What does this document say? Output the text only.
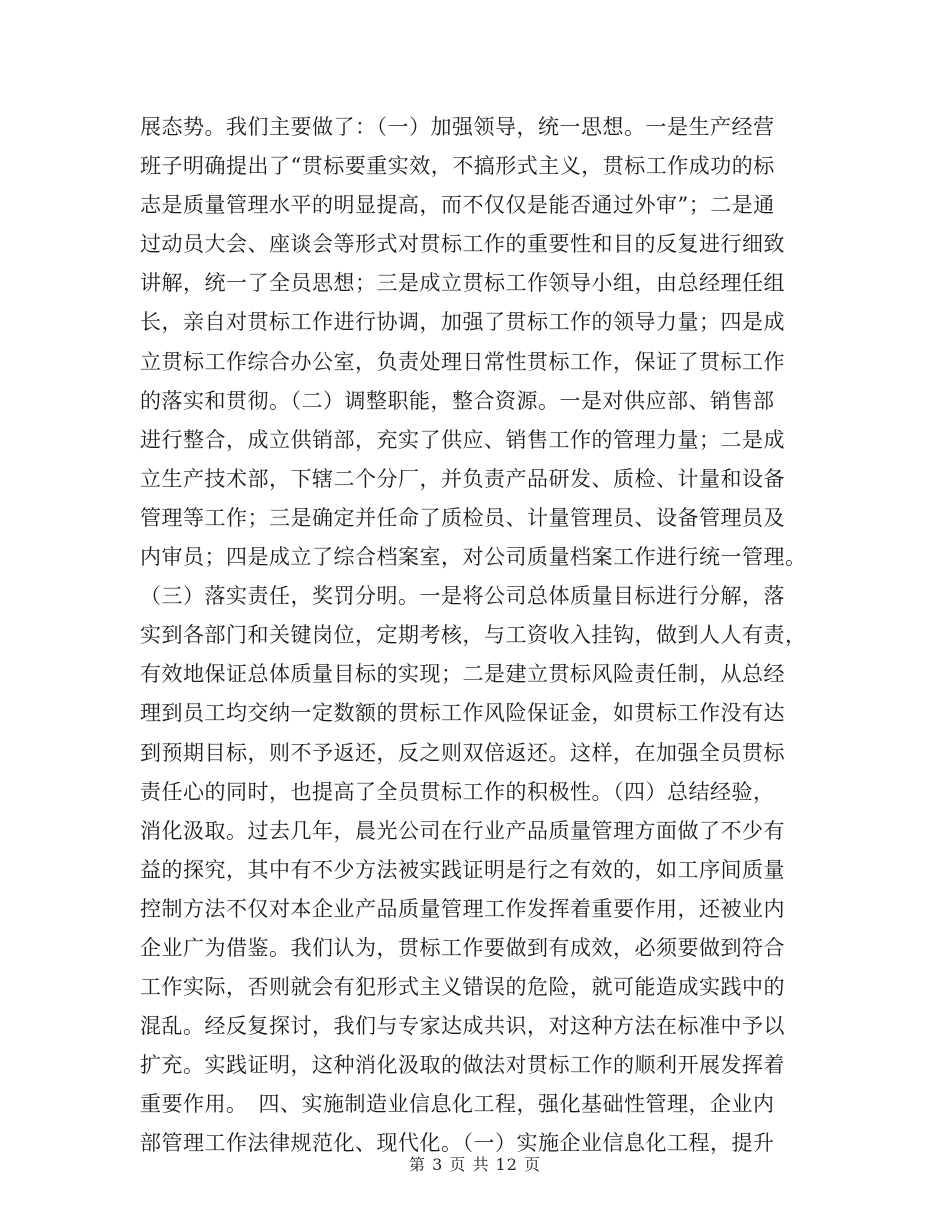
展态势。我们主要做了：（一）加强领导，统一思想。一是生产经营
班子明确提出了“贯标要重实效，不搞形式主义，贯标工作成功的标
志是质量管理水平的明显提高，而不仅仅是能否通过外审”；二是通
过动员大会、座谈会等形式对贯标工作的重要性和目的反复进行细致
讲解，统一了全员思想；三是成立贯标工作领导小组，由总经理任组
长，亲自对贯标工作进行协调，加强了贯标工作的领导力量；四是成
立贯标工作综合办公室，负责处理日常性贯标工作，保证了贯标工作
的落实和贯彻。（二）调整职能，整合资源。一是对供应部、销售部
进行整合，成立供销部，充实了供应、销售工作的管理力量；二是成
立生产技术部，下辖二个分厂，并负责产品研发、质检、计量和设备
管理等工作；三是确定并任命了质检员、计量管理员、设备管理员及
内审员；四是成立了综合档案室，对公司质量档案工作进行统一管理。
（三）落实责任，奖罚分明。一是将公司总体质量目标进行分解，落
实到各部门和关键岗位，定期考核，与工资收入挂钩，做到人人有责，
有效地保证总体质量目标的实现；二是建立贯标风险责任制，从总经
理到员工均交纳一定数额的贯标工作风险保证金，如贯标工作没有达
到预期目标，则不予返还，反之则双倍返还。这样，在加强全员贯标
责任心的同时，也提高了全员贯标工作的积极性。（四）总结经验，
消化汲取。过去几年，晨光公司在行业产品质量管理方面做了不少有
益的探究，其中有不少方法被实践证明是行之有效的，如工序间质量
控制方法不仅对本企业产品质量管理工作发挥着重要作用，还被业内
企业广为借鉴。我们认为，贯标工作要做到有成效，必须要做到符合
工作实际，否则就会有犯形式主义错误的危险，就可能造成实践中的
混乱。经反复探讨，我们与专家达成共识，对这种方法在标准中予以
扩充。实践证明，这种消化汲取的做法对贯标工作的顺利开展发挥着
重要作用。　四、实施制造业信息化工程，强化基础性管理，企业内
部管理工作法律规范化、现代化。（一）实施企业信息化工程，提升
第 3 页 共 12 页
